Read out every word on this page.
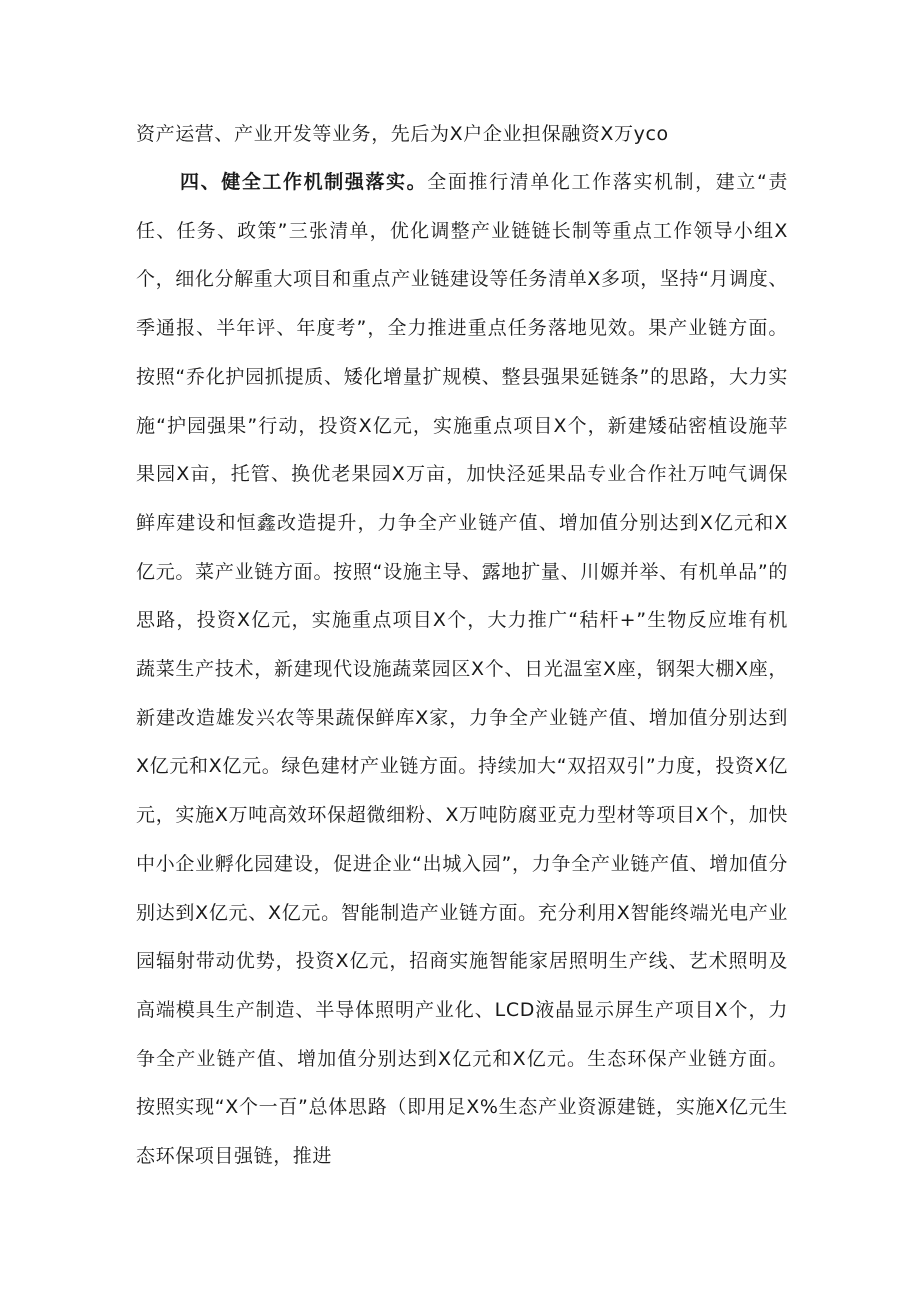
资产运营、产业开发等业务，先后为X户企业担保融资X万yco
四、健全工作机制强落实。全面推行清单化工作落实机制，建立“责任、任务、政策”三张清单，优化调整产业链链长制等重点工作领导小组X个，细化分解重大项目和重点产业链建设等任务清单X多项，坚持“月调度、季通报、半年评、年度考”，全力推进重点任务落地见效。果产业链方面。按照“乔化护园抓提质、矮化增量扩规模、整县强果延链条”的思路，大力实施“护园强果”行动，投资X亿元，实施重点项目X个，新建矮砧密植设施苹果园X亩，托管、换优老果园X万亩，加快泾延果品专业合作社万吨气调保鲜库建设和恒鑫改造提升，力争全产业链产值、增加值分别达到X亿元和X亿元。菜产业链方面。按照“设施主导、露地扩量、川嫄并举、有机单品”的思路，投资X亿元，实施重点项目X个，大力推广“秸杆+”生物反应堆有机蔬菜生产技术，新建现代设施蔬菜园区X个、日光温室X座，钢架大棚X座，新建改造雄发兴农等果蔬保鲜库X家，力争全产业链产值、增加值分别达到X亿元和X亿元。绿色建材产业链方面。持续加大“双招双引”力度，投资X亿元，实施X万吨高效环保超微细粉、X万吨防腐亚克力型材等项目X个，加快中小企业孵化园建设，促进企业“出城入园”，力争全产业链产值、增加值分别达到X亿元、X亿元。智能制造产业链方面。充分利用X智能终端光电产业园辐射带动优势，投资X亿元，招商实施智能家居照明生产线、艺术照明及高端模具生产制造、半导体照明产业化、LCD液晶显示屏生产项目X个，力争全产业链产值、增加值分别达到X亿元和X亿元。生态环保产业链方面。按照实现“X个一百”总体思路（即用足X%生态产业资源建链，实施X亿元生态环保项目强链，推进
